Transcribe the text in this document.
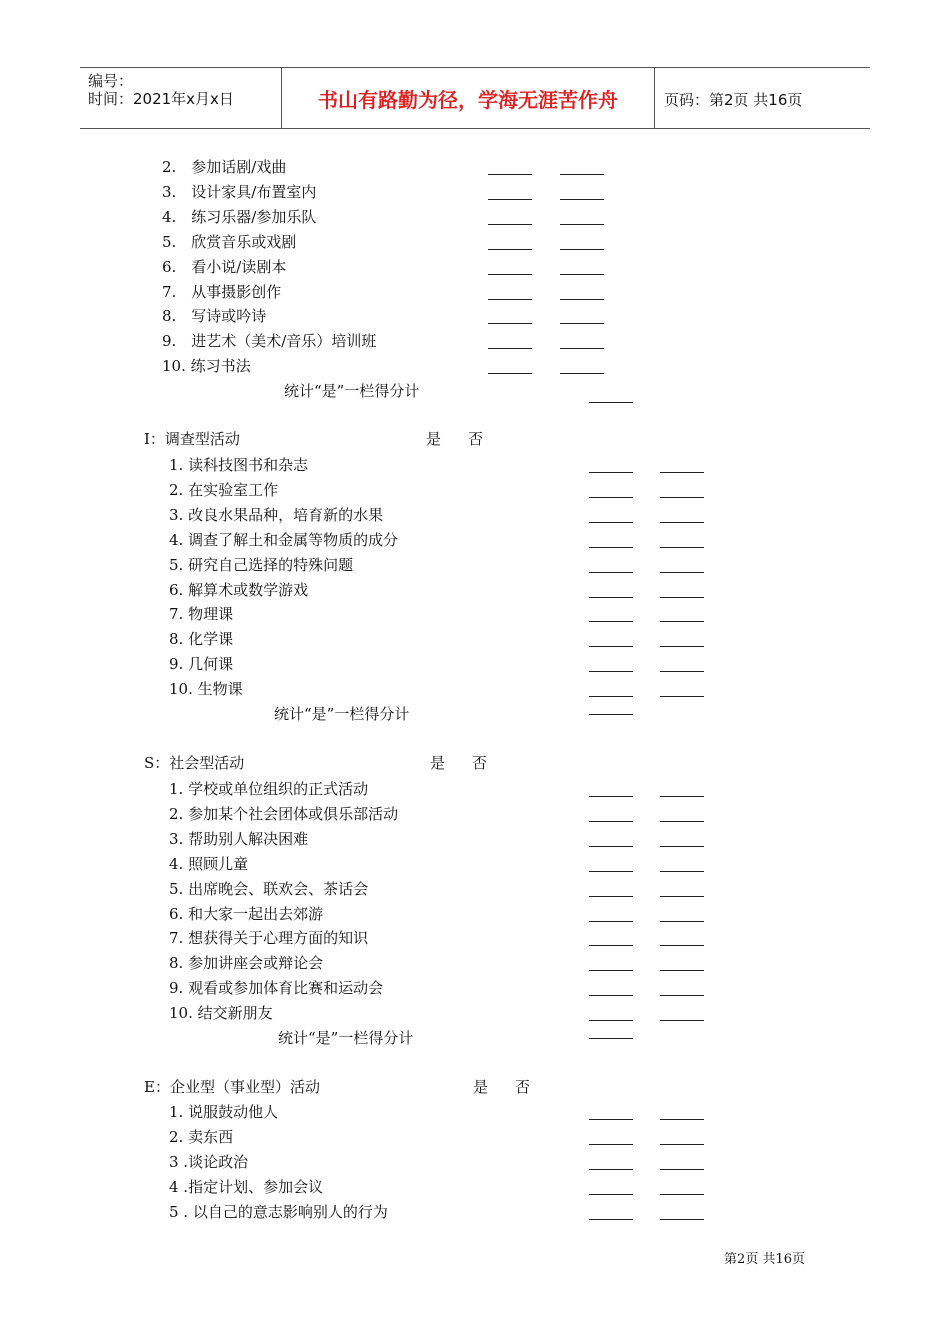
编号：
时间：2021年x月x日	书山有路勤为径，学海无涯苦作舟	页码：第2页 共16页
2.　参加话剧/戏曲
3.　设计家具/布置室内
4.　练习乐器/参加乐队
5.　欣赏音乐或戏剧
6.　看小说/读剧本
7.　从事摄影创作
8.　写诗或吟诗
9.　进艺术（美术/音乐）培训班
10. 练习书法
统计“是”一栏得分计
I：调查型活动	是 否
1. 读科技图书和杂志
2. 在实验室工作
3. 改良水果品种，培育新的水果
4. 调查了解土和金属等物质的成分
5. 研究自己选择的特殊问题
6. 解算术或数学游戏
7. 物理课
8. 化学课
9. 几何课
10. 生物课
统计“是”一栏得分计
S：社会型活动	是 否
1. 学校或单位组织的正式活动
2. 参加某个社会团体或俱乐部活动
3. 帮助别人解决困难
4. 照顾儿童
5. 出席晚会、联欢会、茶话会
6. 和大家一起出去郊游
7. 想获得关于心理方面的知识
8. 参加讲座会或辩论会
9. 观看或参加体育比赛和运动会
10. 结交新朋友
统计“是”一栏得分计
E：企业型（事业型）活动	是 否
1. 说服鼓动他人
2. 卖东西
3 .谈论政治
4 .指定计划、参加会议
5 . 以自己的意志影响别人的行为
第2页 共16页
